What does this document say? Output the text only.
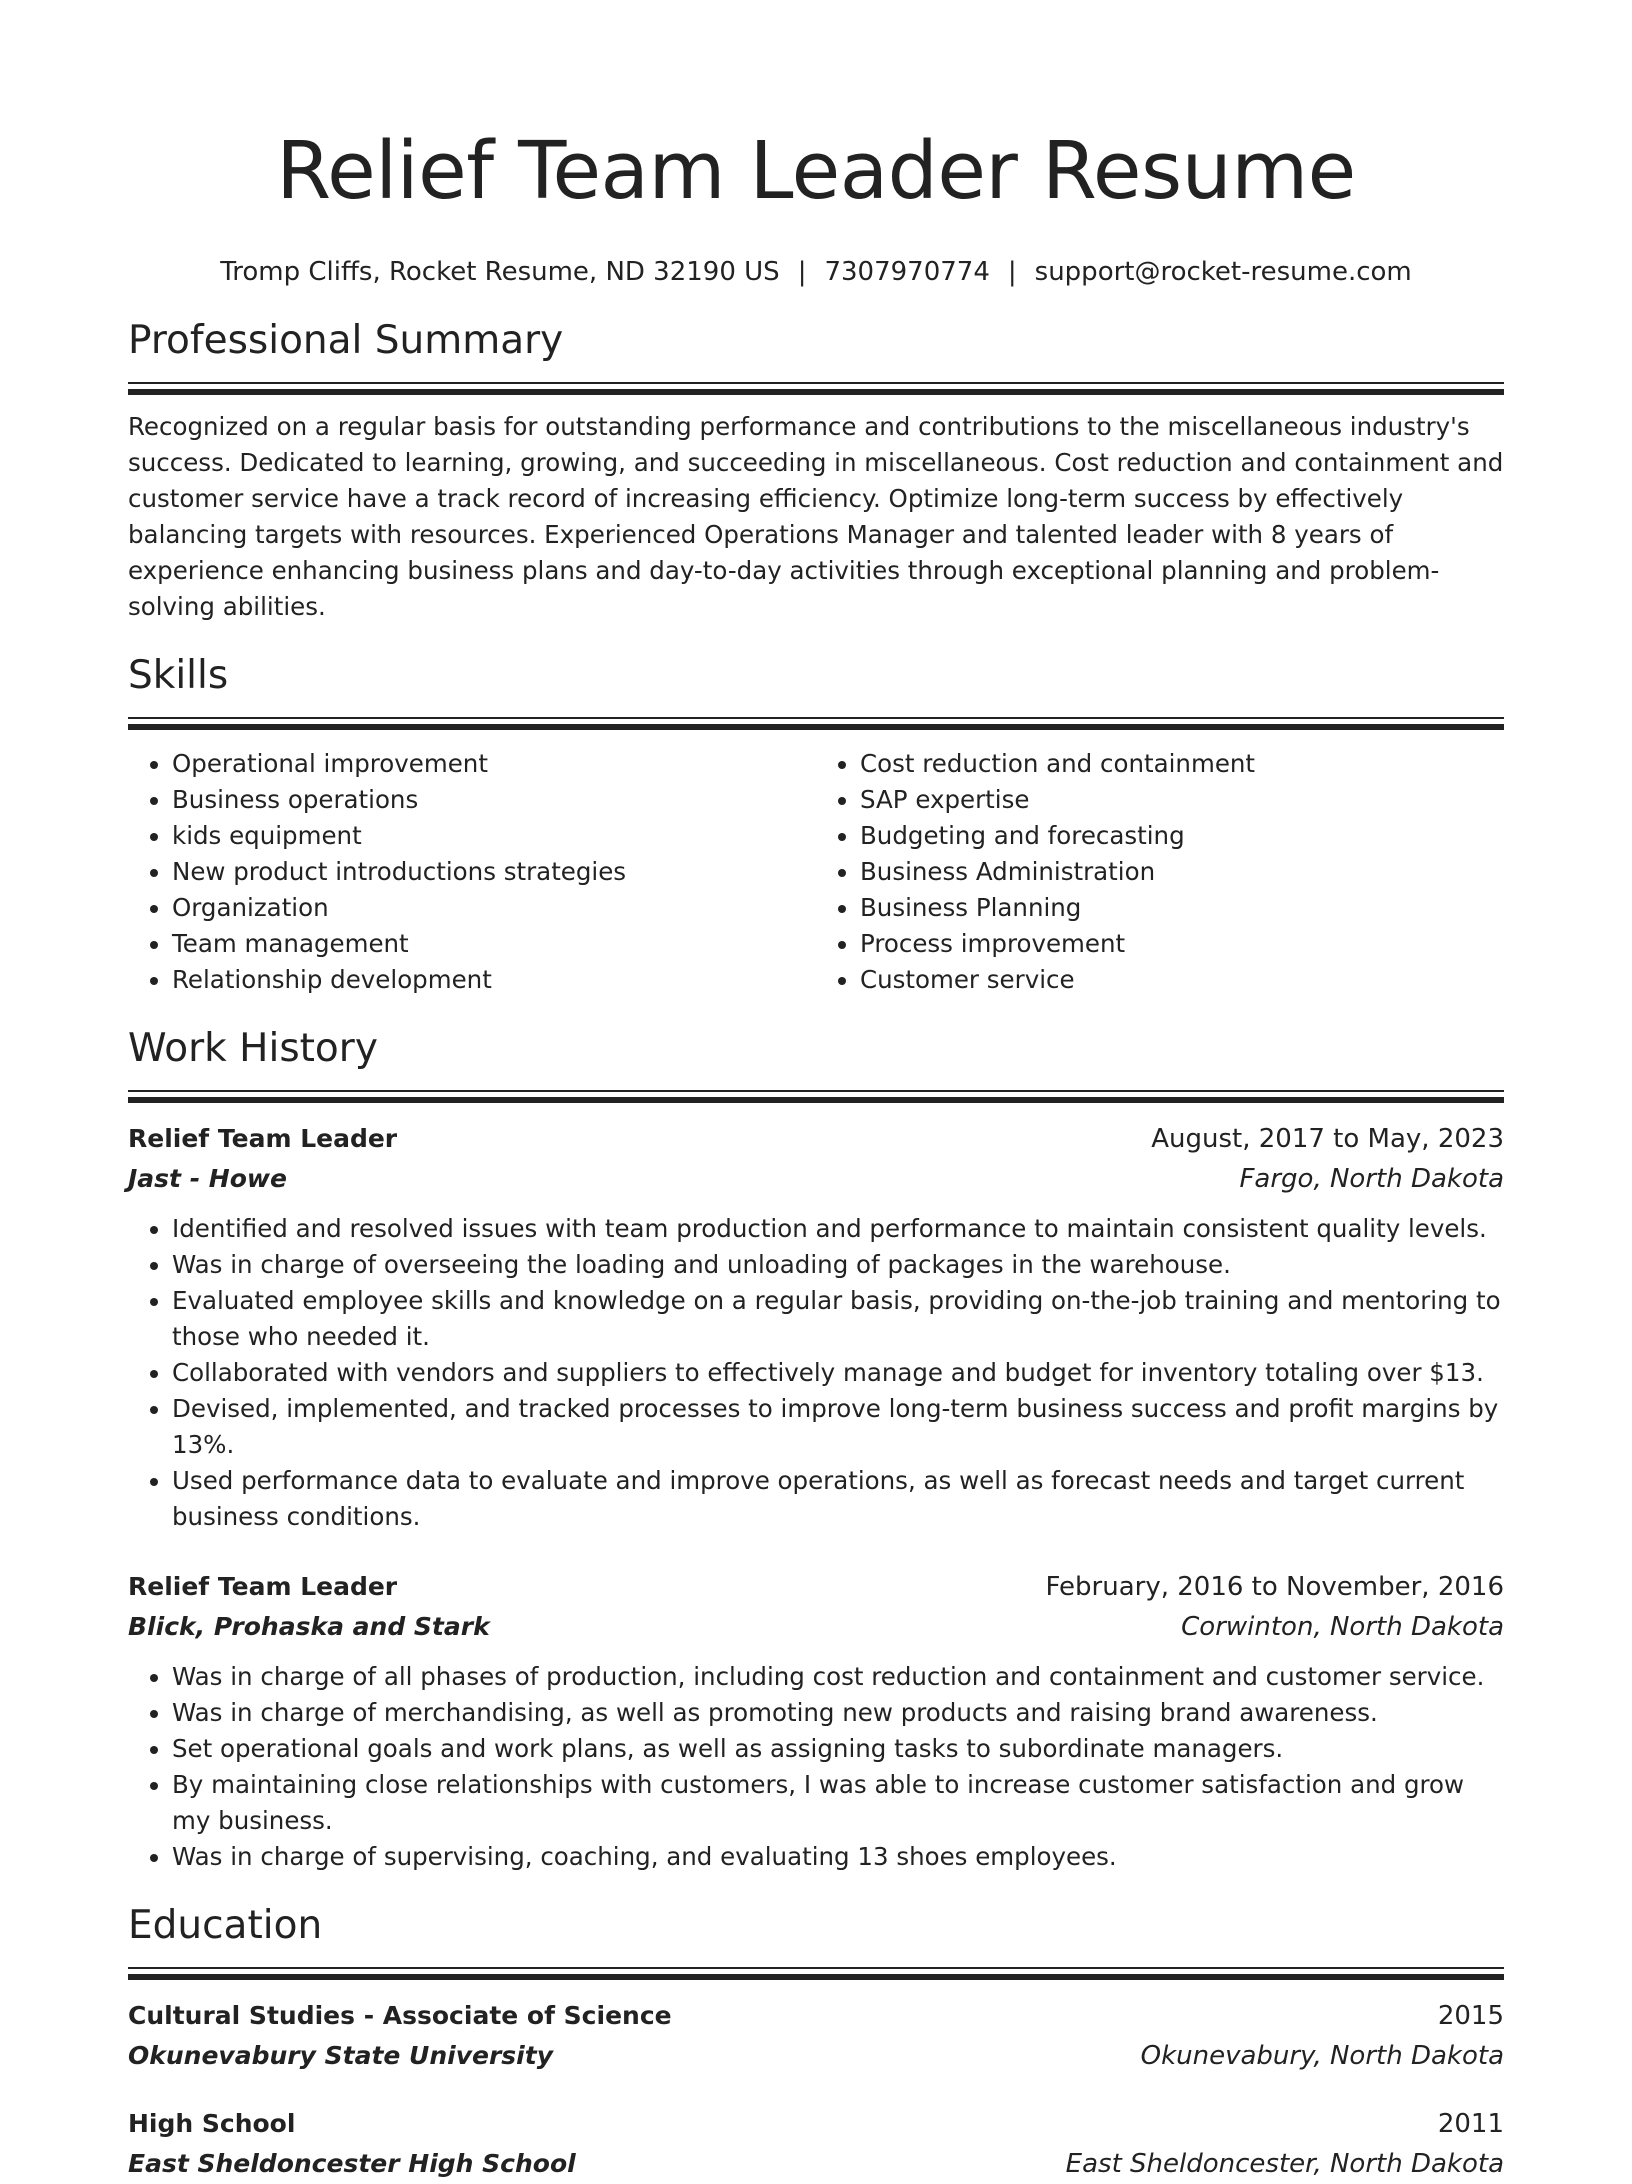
Relief Team Leader Resume
Tromp Cliffs, Rocket Resume, ND 32190 US | 7307970774 | support@rocket-resume.com
Professional Summary

Recognized on a regular basis for outstanding performance and contributions to the miscellaneous industry's success. Dedicated to learning, growing, and succeeding in miscellaneous. Cost reduction and containment and customer service have a track record of increasing efficiency. Optimize long-term success by effectively balancing targets with resources. Experienced Operations Manager and talented leader with 8 years of experience enhancing business plans and day-to-day activities through exceptional planning and problem-solving abilities.

Skills
• Operational improvement
• Business operations
• kids equipment
• New product introductions strategies
• Organization
• Team management
• Relationship development
• Cost reduction and containment
• SAP expertise
• Budgeting and forecasting
• Business Administration
• Business Planning
• Process improvement
• Customer service
Work History
Relief Team Leader	August, 2017 to May, 2023
Jast - Howe	Fargo, North Dakota
• Identified and resolved issues with team production and performance to maintain consistent quality levels.
• Was in charge of overseeing the loading and unloading of packages in the warehouse.
• Evaluated employee skills and knowledge on a regular basis, providing on-the-job training and mentoring to those who needed it.
• Collaborated with vendors and suppliers to effectively manage and budget for inventory totaling over $13.
• Devised, implemented, and tracked processes to improve long-term business success and profit margins by 13%.
• Used performance data to evaluate and improve operations, as well as forecast needs and target current business conditions.
Relief Team Leader	February, 2016 to November, 2016
Blick, Prohaska and Stark	Corwinton, North Dakota
• Was in charge of all phases of production, including cost reduction and containment and customer service.
• Was in charge of merchandising, as well as promoting new products and raising brand awareness.
• Set operational goals and work plans, as well as assigning tasks to subordinate managers.
• By maintaining close relationships with customers, I was able to increase customer satisfaction and grow my business.
• Was in charge of supervising, coaching, and evaluating 13 shoes employees.
Education
Cultural Studies - Associate of Science	2015
Okunevabury State University	Okunevabury, North Dakota
High School	2011
East Sheldoncester High School	East Sheldoncester, North Dakota
